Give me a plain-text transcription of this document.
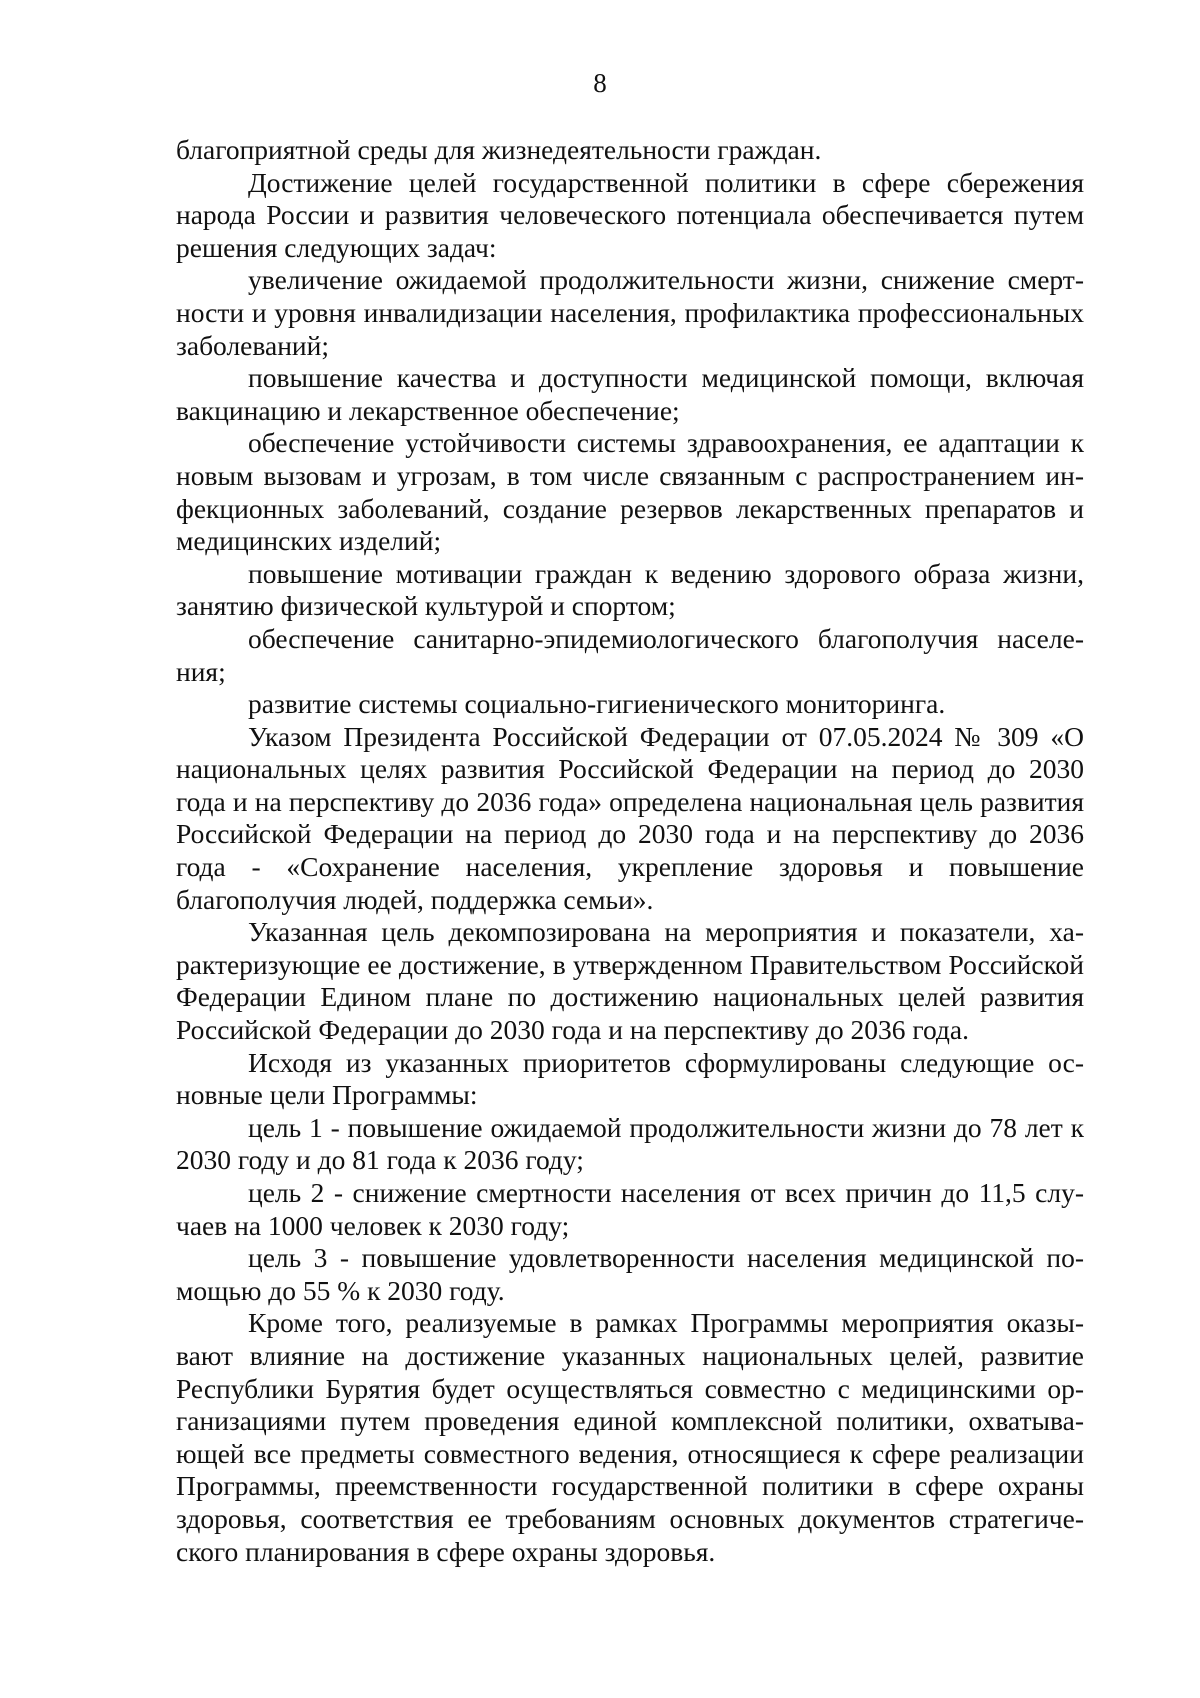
8

благоприятной среды для жизнедеятельности граждан.

Достижение целей государственной политики в сфере сбережения народа России и развития человеческого потенциала обеспечивается путем решения следующих задач:

увеличение ожидаемой продолжительности жизни, снижение смертности и уровня инвалидизации населения, профилактика профессиональных заболеваний;

повышение качества и доступности медицинской помощи, включая вакцинацию и лекарственное обеспечение;

обеспечение устойчивости системы здравоохранения, ее адаптации к новым вызовам и угрозам, в том числе связанным с распространением инфекционных заболеваний, создание резервов лекарственных препаратов и медицинских изделий;

повышение мотивации граждан к ведению здорового образа жизни, занятию физической культурой и спортом;

обеспечение санитарно-эпидемиологического благополучия населения;

развитие системы социально-гигиенического мониторинга.

Указом Президента Российской Федерации от 07.05.2024 № 309 «О национальных целях развития Российской Федерации на период до 2030 года и на перспективу до 2036 года» определена национальная цель развития Российской Федерации на период до 2030 года и на перспективу до 2036 года - «Сохранение населения, укрепление здоровья и повышение благополучия людей, поддержка семьи».

Указанная цель декомпозирована на мероприятия и показатели, характеризующие ее достижение, в утвержденном Правительством Российской Федерации Едином плане по достижению национальных целей развития Российской Федерации до 2030 года и на перспективу до 2036 года.

Исходя из указанных приоритетов сформулированы следующие основные цели Программы:

цель 1 - повышение ожидаемой продолжительности жизни до 78 лет к 2030 году и до 81 года к 2036 году;

цель 2 - снижение смертности населения от всех причин до 11,5 случаев на 1000 человек к 2030 году;

цель 3 - повышение удовлетворенности населения медицинской помощью до 55 % к 2030 году.

Кроме того, реализуемые в рамках Программы мероприятия оказывают влияние на достижение указанных национальных целей, развитие Республики Бурятия будет осуществляться совместно с медицинскими организациями путем проведения единой комплексной политики, охватывающей все предметы совместного ведения, относящиеся к сфере реализации Программы, преемственности государственной политики в сфере охраны здоровья, соответствия ее требованиям основных документов стратегического планирования в сфере охраны здоровья.
